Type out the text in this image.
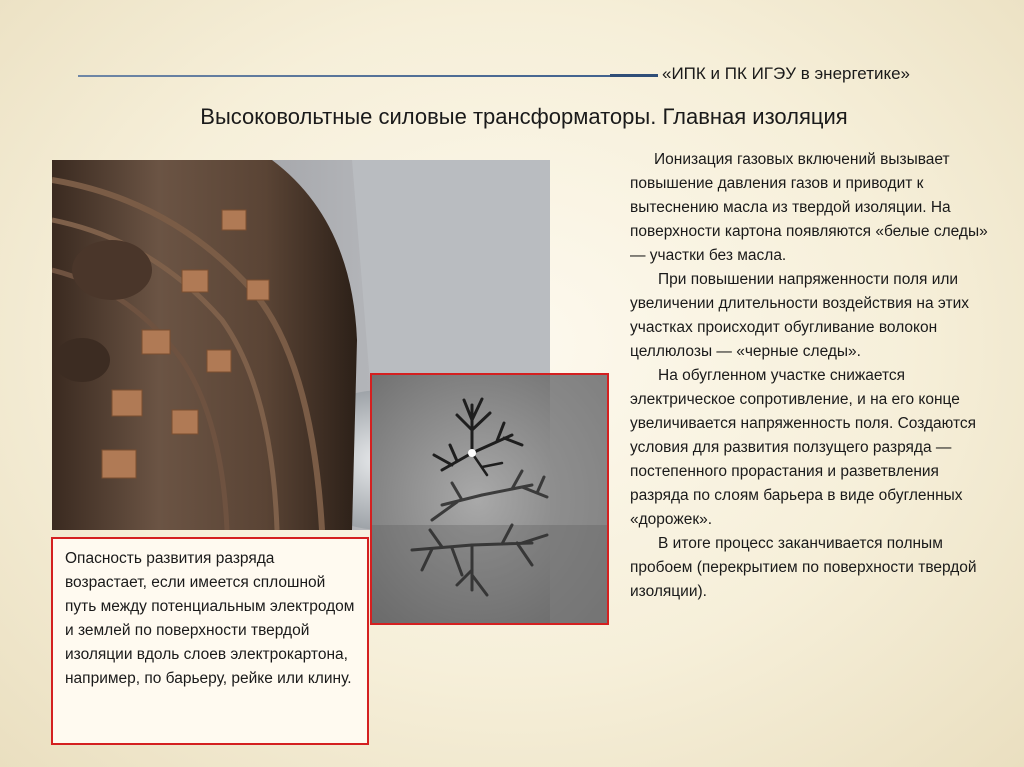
«ИПК и ПК ИГЭУ в энергетике»
Высоковольтные силовые трансформаторы. Главная изоляция
Опасность развития разряда возрастает, если имеется сплошной путь между потенциальным электродом и землей по поверхности твердой изоляции вдоль слоев электрокартона, например, по барьеру, рейке или клину.

Ионизация газовых включений вызывает повышение давления газов и приводит к вытеснению масла из твердой изоляции. На поверхности картона появляются «белые следы» — участки без масла.

При повышении напряженности поля или увеличении длительности воздействия на этих участках происходит обугливание волокон целлюлозы — «черные следы».

На обугленном участке снижается электрическое сопротивление, и на его конце увеличивается напряженность поля. Создаются условия для развития ползущего разряда — постепенного прорастания и разветвления разряда по слоям барьера в виде обугленных «дорожек».

В итоге процесс заканчивается полным пробоем (перекрытием по поверхности твердой изоляции).
